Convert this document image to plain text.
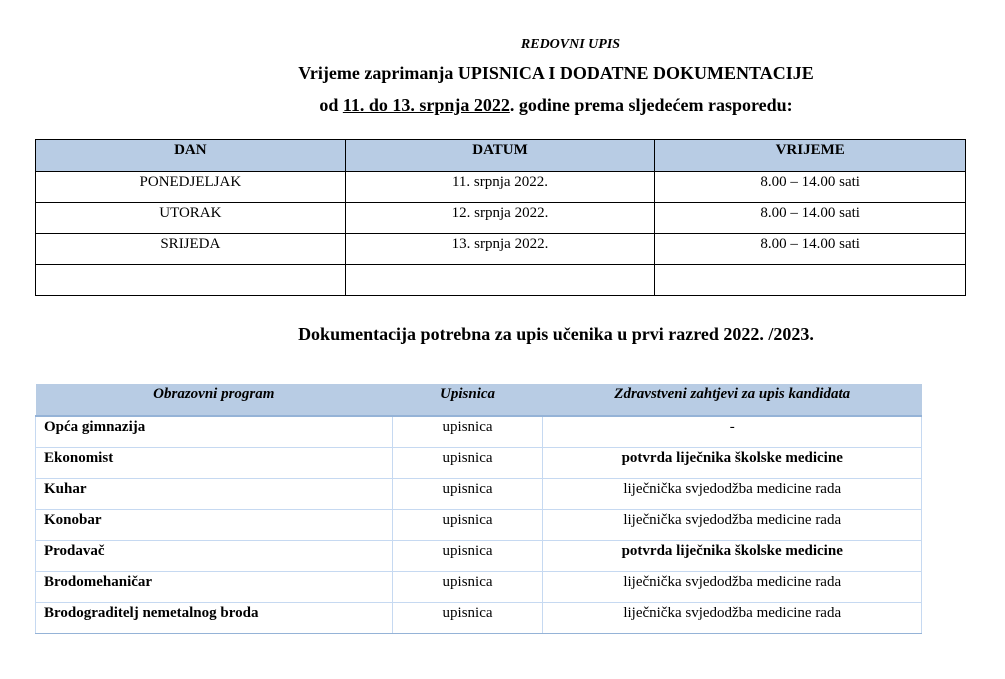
REDOVNI UPIS
Vrijeme zaprimanja UPISNICA I DODATNE DOKUMENTACIJE
od 11. do 13. srpnja 2022. godine prema sljedećem rasporedu:
DAN	DATUM	VRIJEME
PONEDJELJAK	11. srpnja 2022.	8.00 – 14.00 sati
UTORAK	12. srpnja 2022.	8.00 – 14.00 sati
SRIJEDA	13. srpnja 2022.	8.00 – 14.00 sati

Dokumentacija potrebna za upis učenika u prvi razred 2022. /2023.
Obrazovni program	Upisnica	Zdravstveni zahtjevi za upis kandidata
Opća gimnazija	upisnica	-
Ekonomist	upisnica	potvrda liječnika školske medicine
Kuhar	upisnica	liječnička svjedodžba medicine rada
Konobar	upisnica	liječnička svjedodžba medicine rada
Prodavač	upisnica	potvrda liječnika školske medicine
Brodomehaničar	upisnica	liječnička svjedodžba medicine rada
Brodograditelj nemetalnog broda	upisnica	liječnička svjedodžba medicine rada
